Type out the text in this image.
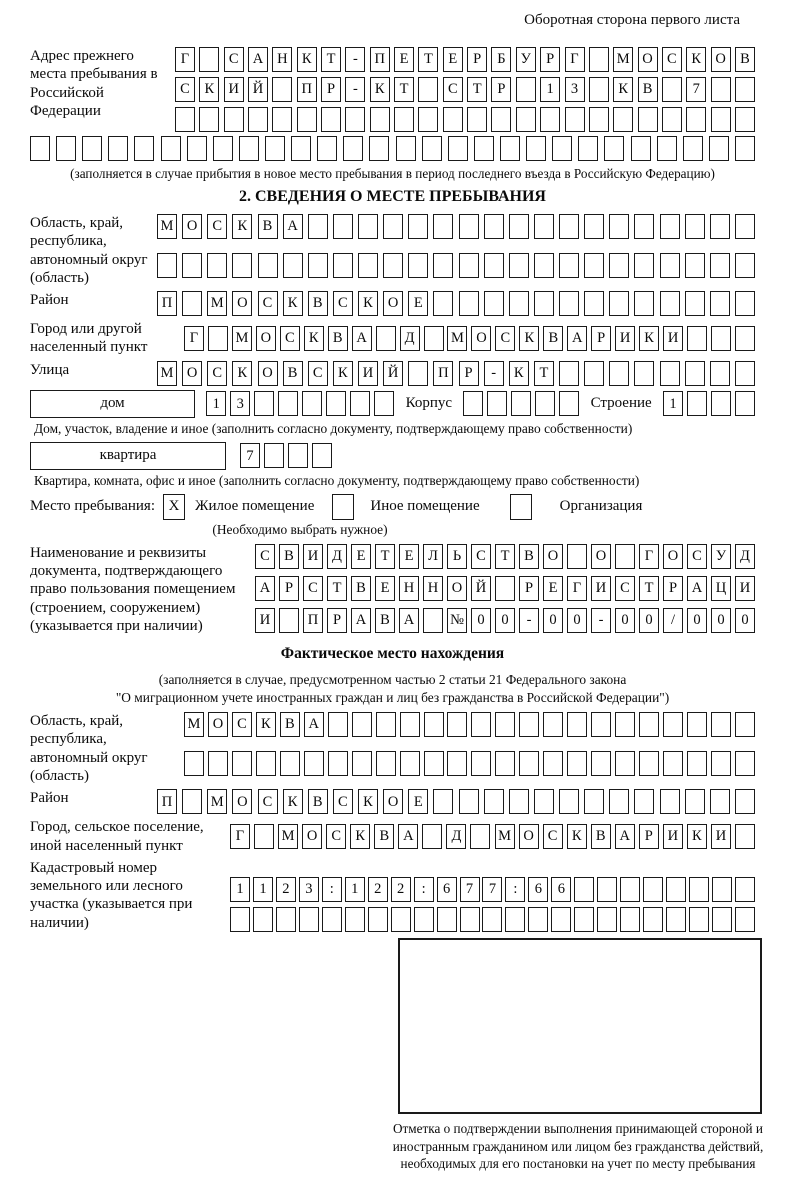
Оборотная сторона первого листа
Адрес прежнего места пребывания в Российской Федерации
Г	С А Н К	Т	-	П	Е	Т	Е	Р	Б	У	Р	Г	М О С	К О В
С	К И Й	П	Р	-	К	Т	С	Т	Р	1	3	К	В	7
(заполняется в случае прибытия в новое место пребывания в период последнего въезда в Российскую Федерацию)
2. СВЕДЕНИЯ О МЕСТЕ ПРЕБЫВАНИЯ
Область, край, республика, автономный округ (область)
М О	С	К	В	А
Район	П	М О	С	К	В	С	К	О	Е
Город или другой населенный пункт
Г	М О С К В А	Д	М О С К В А	Р	И К И
Улица	М О	С	К	О	В	С	К	И	Й	П	Р	-	К	Т
дом	1	3	Корпус	Строение	1
Дом, участок, владение и иное (заполнить согласно документу, подтверждающему право собственности)
квартира	7
Квартира, комната, офис и иное (заполнить согласно документу, подтверждающему право собственности)
Место пребывания: X	Жилое помещение	Иное помещение	Организация
(Необходимо выбрать нужное)
Наименование и реквизиты документа, подтверждающего право пользования помещением (строением, сооружением) (указывается при наличии)
С В И Д	Е	Т	Е	Л	Ь	С	Т	В О	О	Г	О С У Д
А	Р	С	Т	В	Е Н Н О Й	Р	Е	Г	И С	Т	Р	А Ц И
И	П	Р	А В А	№ 0	0	-	0	0	-	0	0	/	0	0	0
Фактическое место нахождения
(заполняется в случае, предусмотренном частью 2 статьи 21 Федерального закона
"О миграционном учете иностранных граждан и лиц без гражданства в Российской Федерации")
Область, край, республика, автономный округ (область)
М О С К В А
Район	П	М О	С	К	В	С	К	О	Е
Город, сельское поселение, иной населенный пункт
Г	М О С К В А	Д	М О С К В А	Р	И К И
Кадастровый номер земельного или лесного участка (указывается при наличии)
1	1	2	3	:	1	2	2	:	6	7	7	:	6	6
Отметка о подтверждении выполнения принимающей стороной и иностранным гражданином или лицом без гражданства действий, необходимых для его постановки на учет по месту пребывания
